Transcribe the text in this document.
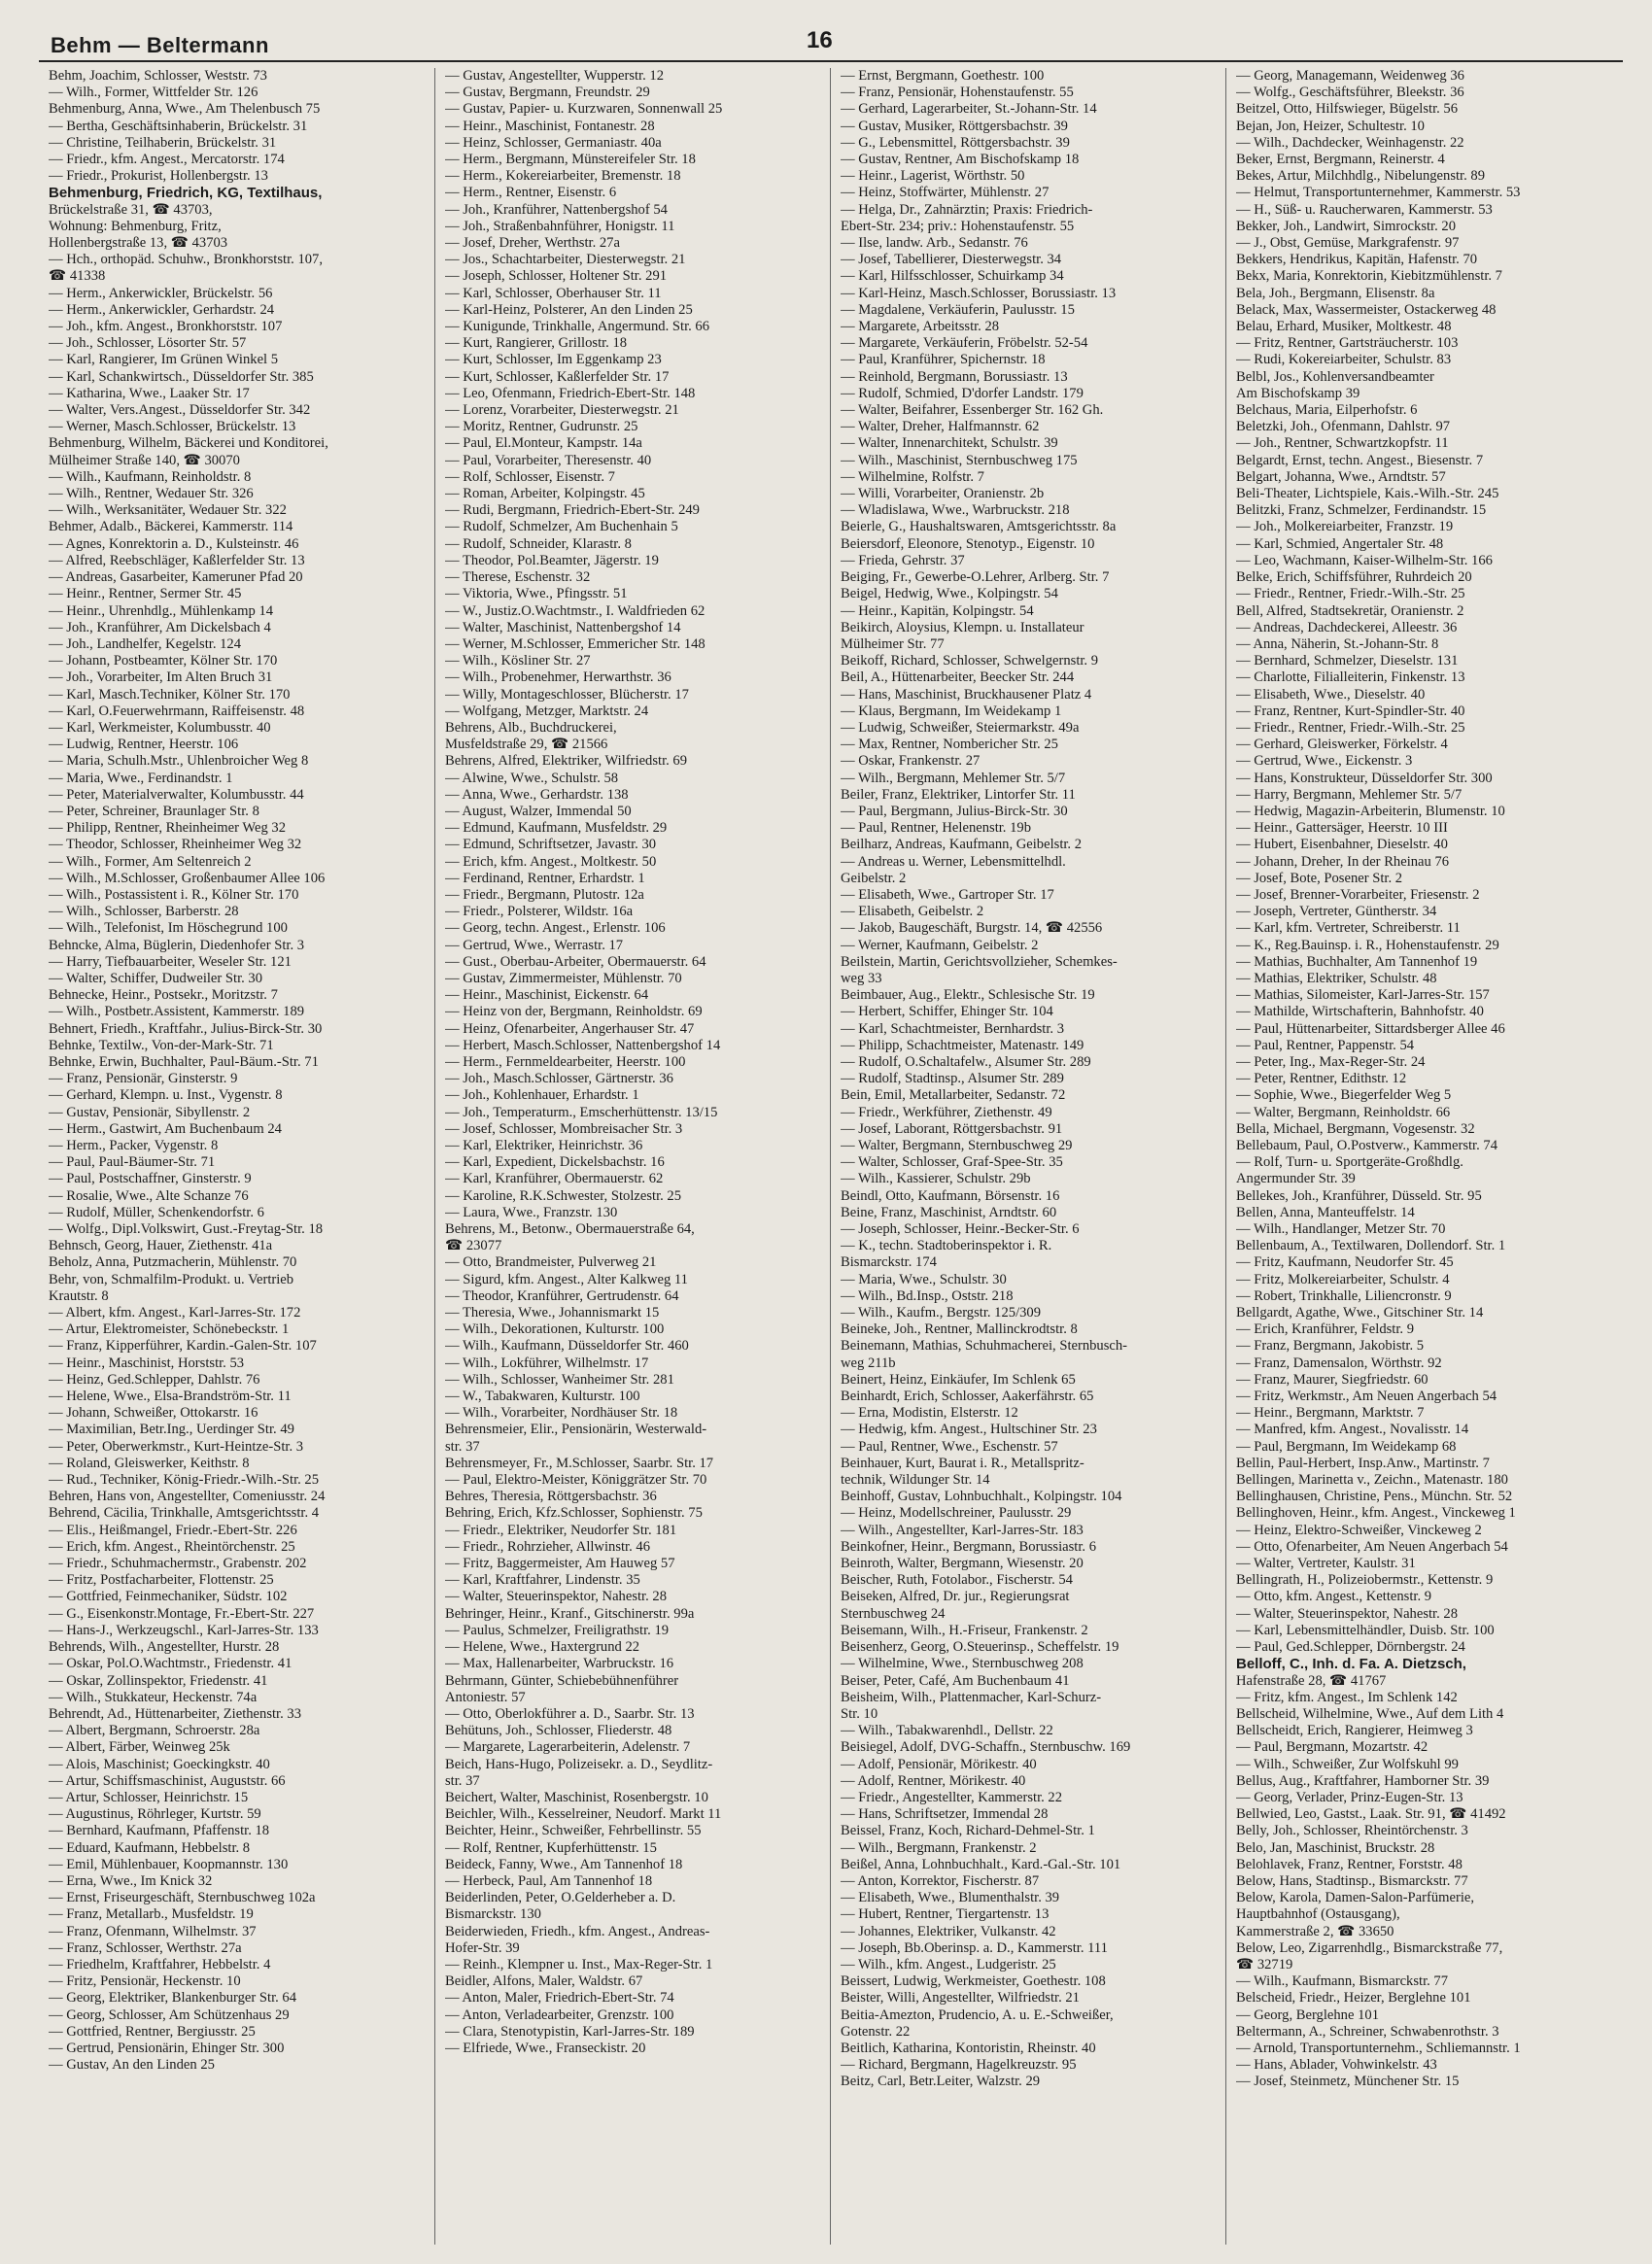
Behm — Beltermann	16
Behm, Joachim, Schlosser, Weststr. 73
— Wilh., Former, Wittfelder Str. 126
Behmenburg, Anna, Wwe., Am Thelenbusch 75
— Bertha, Geschäftsinhaberin, Brückelstr. 31
— Christine, Teilhaberin, Brückelstr. 31
— Friedr., kfm. Angest., Mercatorstr. 174
— Friedr., Prokurist, Hollenbergstr. 13
Behmenburg, Friedrich, KG, Textilhaus,
Brückelstraße 31, ☎ 43703,
Wohnung: Behmenburg, Fritz,
Hollenbergstraße 13, ☎ 43703
— Hch., orthopäd. Schuhw., Bronkhorststr. 107,
☎ 41338
— Herm., Ankerwickler, Brückelstr. 56
— Herm., Ankerwickler, Gerhardstr. 24
— Joh., kfm. Angest., Bronkhorststr. 107
— Joh., Schlosser, Lösorter Str. 57
— Karl, Rangierer, Im Grünen Winkel 5
— Karl, Schankwirtsch., Düsseldorfer Str. 385
— Katharina, Wwe., Laaker Str. 17
— Walter, Vers.Angest., Düsseldorfer Str. 342
— Werner, Masch.Schlosser, Brückelstr. 13
Behmenburg, Wilhelm, Bäckerei und Konditorei,
Mülheimer Straße 140, ☎ 30070
— Wilh., Kaufmann, Reinholdstr. 8
— Wilh., Rentner, Wedauer Str. 326
— Wilh., Werksanitäter, Wedauer Str. 322
Behmer, Adalb., Bäckerei, Kammerstr. 114
— Agnes, Konrektorin a. D., Kulsteinstr. 46
— Alfred, Reebschläger, Kaßlerfelder Str. 13
— Andreas, Gasarbeiter, Kameruner Pfad 20
— Heinr., Rentner, Sermer Str. 45
— Heinr., Uhrenhdlg., Mühlenkamp 14
— Joh., Kranführer, Am Dickelsbach 4
— Joh., Landhelfer, Kegelstr. 124
— Johann, Postbeamter, Kölner Str. 170
— Joh., Vorarbeiter, Im Alten Bruch 31
— Karl, Masch.Techniker, Kölner Str. 170
— Karl, O.Feuerwehrmann, Raiffeisenstr. 48
— Karl, Werkmeister, Kolumbusstr. 40
— Ludwig, Rentner, Heerstr. 106
— Maria, Schulh.Mstr., Uhlenbroicher Weg 8
— Maria, Wwe., Ferdinandstr. 1
— Peter, Materialverwalter, Kolumbusstr. 44
— Peter, Schreiner, Braunlager Str. 8
— Philipp, Rentner, Rheinheimer Weg 32
— Theodor, Schlosser, Rheinheimer Weg 32
— Wilh., Former, Am Seltenreich 2
— Wilh., M.Schlosser, Großenbaumer Allee 106
— Wilh., Postassistent i. R., Kölner Str. 170
— Wilh., Schlosser, Barberstr. 28
— Wilh., Telefonist, Im Höschegrund 100
Behncke, Alma, Büglerin, Diedenhofer Str. 3
— Harry, Tiefbauarbeiter, Weseler Str. 121
— Walter, Schiffer, Dudweiler Str. 30
Behnecke, Heinr., Postsekr., Moritzstr. 7
— Wilh., Postbetr.Assistent, Kammerstr. 189
Behnert, Friedh., Kraftfahr., Julius-Birck-Str. 30
Behnke, Textilw., Von-der-Mark-Str. 71
Behnke, Erwin, Buchhalter, Paul-Bäum.-Str. 71
— Franz, Pensionär, Ginsterstr. 9
— Gerhard, Klempn. u. Inst., Vygenstr. 8
— Gustav, Pensionär, Sibyllenstr. 2
— Herm., Gastwirt, Am Buchenbaum 24
— Herm., Packer, Vygenstr. 8
— Paul, Paul-Bäumer-Str. 71
— Paul, Postschaffner, Ginsterstr. 9
— Rosalie, Wwe., Alte Schanze 76
— Rudolf, Müller, Schenkendorfstr. 6
— Wolfg., Dipl.Volkswirt, Gust.-Freytag-Str. 18
Behnsch, Georg, Hauer, Ziethenstr. 41a
Beholz, Anna, Putzmacherin, Mühlenstr. 70
Behr, von, Schmalfilm-Produkt. u. Vertrieb
Krautstr. 8
— Albert, kfm. Angest., Karl-Jarres-Str. 172
— Artur, Elektromeister, Schönebeckstr. 1
— Franz, Kipperführer, Kardin.-Galen-Str. 107
— Heinr., Maschinist, Horststr. 53
— Heinz, Ged.Schlepper, Dahlstr. 76
— Helene, Wwe., Elsa-Brandström-Str. 11
— Johann, Schweißer, Ottokarstr. 16
— Maximilian, Betr.Ing., Uerdinger Str. 49
— Peter, Oberwerkmstr., Kurt-Heintze-Str. 3
— Roland, Gleiswerker, Keithstr. 8
— Rud., Techniker, König-Friedr.-Wilh.-Str. 25
Behren, Hans von, Angestellter, Comeniusstr. 24
Behrend, Cäcilia, Trinkhalle, Amtsgerichtsstr. 4
— Elis., Heißmangel, Friedr.-Ebert-Str. 226
— Erich, kfm. Angest., Rheintörchenstr. 25
— Friedr., Schuhmachermstr., Grabenstr. 202
— Fritz, Postfacharbeiter, Flottenstr. 25
— Gottfried, Feinmechaniker, Südstr. 102
— G., Eisenkonstr.Montage, Fr.-Ebert-Str. 227
— Hans-J., Werkzeugschl., Karl-Jarres-Str. 133
Behrends, Wilh., Angestellter, Hurstr. 28
— Oskar, Pol.O.Wachtmstr., Friedenstr. 41
— Oskar, Zollinspektor, Friedenstr. 41
— Wilh., Stukkateur, Heckenstr. 74a
Behrendt, Ad., Hüttenarbeiter, Ziethenstr. 33
— Albert, Bergmann, Schroerstr. 28a
— Albert, Färber, Weinweg 25k
— Alois, Maschinist; Goeckingkstr. 40
— Artur, Schiffsmaschinist, Auguststr. 66
— Artur, Schlosser, Heinrichstr. 15
— Augustinus, Röhrleger, Kurtstr. 59
— Bernhard, Kaufmann, Pfaffenstr. 18
— Eduard, Kaufmann, Hebbelstr. 8
— Emil, Mühlenbauer, Koopmannstr. 130
— Erna, Wwe., Im Knick 32
— Ernst, Friseurgeschäft, Sternbuschweg 102a
— Franz, Metallarb., Musfeldstr. 19
— Franz, Ofenmann, Wilhelmstr. 37
— Franz, Schlosser, Werthstr. 27a
— Friedhelm, Kraftfahrer, Hebbelstr. 4
— Fritz, Pensionär, Heckenstr. 10
— Georg, Elektriker, Blankenburger Str. 64
— Georg, Schlosser, Am Schützenhaus 29
— Gottfried, Rentner, Bergiusstr. 25
— Gertrud, Pensionärin, Ehinger Str. 300
— Gustav, An den Linden 25
— Gustav, Angestellter, Wupperstr. 12
— Gustav, Bergmann, Freundstr. 29
— Gustav, Papier- u. Kurzwaren, Sonnenwall 25
— Heinr., Maschinist, Fontanestr. 28
— Heinz, Schlosser, Germaniastr. 40a
— Herm., Bergmann, Münstereifeler Str. 18
— Herm., Kokereiarbeiter, Bremenstr. 18
— Herm., Rentner, Eisenstr. 6
— Joh., Kranführer, Nattenbergshof 54
— Joh., Straßenbahnführer, Honigstr. 11
— Josef, Dreher, Werthstr. 27a
— Jos., Schachtarbeiter, Diesterwegstr. 21
— Joseph, Schlosser, Holtener Str. 291
— Karl, Schlosser, Oberhauser Str. 11
— Karl-Heinz, Polsterer, An den Linden 25
— Kunigunde, Trinkhalle, Angermund. Str. 66
— Kurt, Rangierer, Grillostr. 18
— Kurt, Schlosser, Im Eggenkamp 23
— Kurt, Schlosser, Kaßlerfelder Str. 17
— Leo, Ofenmann, Friedrich-Ebert-Str. 148
— Lorenz, Vorarbeiter, Diesterwegstr. 21
— Moritz, Rentner, Gudrunstr. 25
— Paul, El.Monteur, Kampstr. 14a
— Paul, Vorarbeiter, Theresenstr. 40
— Rolf, Schlosser, Eisenstr. 7
— Roman, Arbeiter, Kolpingstr. 45
— Rudi, Bergmann, Friedrich-Ebert-Str. 249
— Rudolf, Schmelzer, Am Buchenhain 5
— Rudolf, Schneider, Klarastr. 8
— Theodor, Pol.Beamter, Jägerstr. 19
— Therese, Eschenstr. 32
— Viktoria, Wwe., Pfingsstr. 51
— W., Justiz.O.Wachtmstr., I. Waldfrieden 62
— Walter, Maschinist, Nattenbergshof 14
— Werner, M.Schlosser, Emmericher Str. 148
— Wilh., Kösliner Str. 27
— Wilh., Probenehmer, Herwarthstr. 36
— Willy, Montageschlosser, Blücherstr. 17
— Wolfgang, Metzger, Marktstr. 24
Behrens, Alb., Buchdruckerei,
Musfeldstraße 29, ☎ 21566
Behrens, Alfred, Elektriker, Wilfriedstr. 69
— Alwine, Wwe., Schulstr. 58
— Anna, Wwe., Gerhardstr. 138
— August, Walzer, Immendal 50
— Edmund, Kaufmann, Musfeldstr. 29
— Edmund, Schriftsetzer, Javastr. 30
— Erich, kfm. Angest., Moltkestr. 50
— Ferdinand, Rentner, Erhardstr. 1
— Friedr., Bergmann, Plutostr. 12a
— Friedr., Polsterer, Wildstr. 16a
— Georg, techn. Angest., Erlenstr. 106
— Gertrud, Wwe., Werrastr. 17
— Gust., Oberbau-Arbeiter, Obermauerstr. 64
— Gustav, Zimmermeister, Mühlenstr. 70
— Heinr., Maschinist, Eickenstr. 64
— Heinz von der, Bergmann, Reinholdstr. 69
— Heinz, Ofenarbeiter, Angerhauser Str. 47
— Herbert, Masch.Schlosser, Nattenbergshof 14
— Herm., Fernmeldearbeiter, Heerstr. 100
— Joh., Masch.Schlosser, Gärtnerstr. 36
— Joh., Kohlenhauer, Erhardstr. 1
— Joh., Temperaturm., Emscherhüttenstr. 13/15
— Josef, Schlosser, Mombreisacher Str. 3
— Karl, Elektriker, Heinrichstr. 36
— Karl, Expedient, Dickelsbachstr. 16
— Karl, Kranführer, Obermauerstr. 62
— Karoline, R.K.Schwester, Stolzestr. 25
— Laura, Wwe., Franzstr. 130
Behrens, M., Betonw., Obermauerstraße 64,
☎ 23077
— Otto, Brandmeister, Pulverweg 21
— Sigurd, kfm. Angest., Alter Kalkweg 11
— Theodor, Kranführer, Gertrudenstr. 64
— Theresia, Wwe., Johannismarkt 15
— Wilh., Dekorationen, Kulturstr. 100
— Wilh., Kaufmann, Düsseldorfer Str. 460
— Wilh., Lokführer, Wilhelmstr. 17
— Wilh., Schlosser, Wanheimer Str. 281
— W., Tabakwaren, Kulturstr. 100
— Wilh., Vorarbeiter, Nordhäuser Str. 18
Behrensmeier, Elir., Pensionärin, Westerwald-
str. 37
Behrensmeyer, Fr., M.Schlosser, Saarbr. Str. 17
— Paul, Elektro-Meister, Königgrätzer Str. 70
Behres, Theresia, Röttgersbachstr. 36
Behring, Erich, Kfz.Schlosser, Sophienstr. 75
— Friedr., Elektriker, Neudorfer Str. 181
— Friedr., Rohrzieher, Allwinstr. 46
— Fritz, Baggermeister, Am Hauweg 57
— Karl, Kraftfahrer, Lindenstr. 35
— Walter, Steuerinspektor, Nahestr. 28
Behringer, Heinr., Kranf., Gitschinerstr. 99a
— Paulus, Schmelzer, Freiligrathstr. 19
— Helene, Wwe., Haxtergrund 22
— Max, Hallenarbeiter, Warbruckstr. 16
Behrmann, Günter, Schiebebühnenführer
Antoniestr. 57
— Otto, Oberlokführer a. D., Saarbr. Str. 13
Behütuns, Joh., Schlosser, Fliederstr. 48
— Margarete, Lagerarbeiterin, Adelenstr. 7
Beich, Hans-Hugo, Polizeisekr. a. D., Seydlitz-
str. 37
Beichert, Walter, Maschinist, Rosenbergstr. 10
Beichler, Wilh., Kesselreiner, Neudorf. Markt 11
Beichter, Heinr., Schweißer, Fehrbellinstr. 55
— Rolf, Rentner, Kupferhüttenstr. 15
Beideck, Fanny, Wwe., Am Tannenhof 18
— Herbeck, Paul, Am Tannenhof 18
Beiderlinden, Peter, O.Gelderheber a. D.
Bismarckstr. 130
Beiderwieden, Friedh., kfm. Angest., Andreas-
Hofer-Str. 39
— Reinh., Klempner u. Inst., Max-Reger-Str. 1
Beidler, Alfons, Maler, Waldstr. 67
— Anton, Maler, Friedrich-Ebert-Str. 74
— Anton, Verladearbeiter, Grenzstr. 100
— Clara, Stenotypistin, Karl-Jarres-Str. 189
— Elfriede, Wwe., Franseckistr. 20
— Ernst, Bergmann, Goethestr. 100
— Franz, Pensionär, Hohenstaufenstr. 55
— Gerhard, Lagerarbeiter, St.-Johann-Str. 14
— Gustav, Musiker, Röttgersbachstr. 39
— G., Lebensmittel, Röttgersbachstr. 39
— Gustav, Rentner, Am Bischofskamp 18
— Heinr., Lagerist, Wörthstr. 50
— Heinz, Stoffwärter, Mühlenstr. 27
— Helga, Dr., Zahnärztin; Praxis: Friedrich-
Ebert-Str. 234; priv.: Hohenstaufenstr. 55
— Ilse, landw. Arb., Sedanstr. 76
— Josef, Tabellierer, Diesterwegstr. 34
— Karl, Hilfsschlosser, Schuirkamp 34
— Karl-Heinz, Masch.Schlosser, Borussiastr. 13
— Magdalene, Verkäuferin, Paulusstr. 15
— Margarete, Arbeitsstr. 28
— Margarete, Verkäuferin, Fröbelstr. 52-54
— Paul, Kranführer, Spichernstr. 18
— Reinhold, Bergmann, Borussiastr. 13
— Rudolf, Schmied, D'dorfer Landstr. 179
— Walter, Beifahrer, Essenberger Str. 162 Gh.
— Walter, Dreher, Halfmannstr. 62
— Walter, Innenarchitekt, Schulstr. 39
— Wilh., Maschinist, Sternbuschweg 175
— Wilhelmine, Rolfstr. 7
— Willi, Vorarbeiter, Oranienstr. 2b
— Wladislawa, Wwe., Warbruckstr. 218
Beierle, G., Haushaltswaren, Amtsgerichtsstr. 8a
Beiersdorf, Eleonore, Stenotyp., Eigenstr. 10
— Frieda, Gehrstr. 37
Beiging, Fr., Gewerbe-O.Lehrer, Arlberg. Str. 7
Beigel, Hedwig, Wwe., Kolpingstr. 54
— Heinr., Kapitän, Kolpingstr. 54
Beikirch, Aloysius, Klempn. u. Installateur
Mülheimer Str. 77
Beikoff, Richard, Schlosser, Schwelgernstr. 9
Beil, A., Hüttenarbeiter, Beecker Str. 244
— Hans, Maschinist, Bruckhausener Platz 4
— Klaus, Bergmann, Im Weidekamp 1
— Ludwig, Schweißer, Steiermarkstr. 49a
— Max, Rentner, Nombericher Str. 25
— Oskar, Frankenstr. 27
— Wilh., Bergmann, Mehlemer Str. 5/7
Beiler, Franz, Elektriker, Lintorfer Str. 11
— Paul, Bergmann, Julius-Birck-Str. 30
— Paul, Rentner, Helenenstr. 19b
Beilharz, Andreas, Kaufmann, Geibelstr. 2
— Andreas u. Werner, Lebensmittelhdl.
Geibelstr. 2
— Elisabeth, Wwe., Gartroper Str. 17
— Elisabeth, Geibelstr. 2
— Jakob, Baugeschäft, Burgstr. 14, ☎ 42556
— Werner, Kaufmann, Geibelstr. 2
Beilstein, Martin, Gerichtsvollzieher, Schemkes-
weg 33
Beimbauer, Aug., Elektr., Schlesische Str. 19
— Herbert, Schiffer, Ehinger Str. 104
— Karl, Schachtmeister, Bernhardstr. 3
— Philipp, Schachtmeister, Matenastr. 149
— Rudolf, O.Schaltafelw., Alsumer Str. 289
— Rudolf, Stadtinsp., Alsumer Str. 289
Bein, Emil, Metallarbeiter, Sedanstr. 72
— Friedr., Werkführer, Ziethenstr. 49
— Josef, Laborant, Röttgersbachstr. 91
— Walter, Bergmann, Sternbuschweg 29
— Walter, Schlosser, Graf-Spee-Str. 35
— Wilh., Kassierer, Schulstr. 29b
Beindl, Otto, Kaufmann, Börsenstr. 16
Beine, Franz, Maschinist, Arndtstr. 60
— Joseph, Schlosser, Heinr.-Becker-Str. 6
— K., techn. Stadtoberinspektor i. R.
Bismarckstr. 174
— Maria, Wwe., Schulstr. 30
— Wilh., Bd.Insp., Oststr. 218
— Wilh., Kaufm., Bergstr. 125/309
Beineke, Joh., Rentner, Mallinckrodtstr. 8
Beinemann, Mathias, Schuhmacherei, Sternbusch-
weg 211b
Beinert, Heinz, Einkäufer, Im Schlenk 65
Beinhardt, Erich, Schlosser, Aakerfährstr. 65
— Erna, Modistin, Elsterstr. 12
— Hedwig, kfm. Angest., Hultschiner Str. 23
— Paul, Rentner, Wwe., Eschenstr. 57
Beinhauer, Kurt, Baurat i. R., Metallspritz-
technik, Wildunger Str. 14
Beinhoff, Gustav, Lohnbuchhalt., Kolpingstr. 104
— Heinz, Modellschreiner, Paulusstr. 29
— Wilh., Angestellter, Karl-Jarres-Str. 183
Beinkofner, Heinr., Bergmann, Borussiastr. 6
Beinroth, Walter, Bergmann, Wiesenstr. 20
Beischer, Ruth, Fotolabor., Fischerstr. 54
Beiseken, Alfred, Dr. jur., Regierungsrat
Sternbuschweg 24
Beisemann, Wilh., H.-Friseur, Frankenstr. 2
Beisenherz, Georg, O.Steuerinsp., Scheffelstr. 19
— Wilhelmine, Wwe., Sternbuschweg 208
Beiser, Peter, Café, Am Buchenbaum 41
Beisheim, Wilh., Plattenmacher, Karl-Schurz-
Str. 10
— Wilh., Tabakwarenhdl., Dellstr. 22
Beisiegel, Adolf, DVG-Schaffn., Sternbuschw. 169
— Adolf, Pensionär, Mörikestr. 40
— Adolf, Rentner, Mörikestr. 40
— Friedr., Angestellter, Kammerstr. 22
— Hans, Schriftsetzer, Immendal 28
Beissel, Franz, Koch, Richard-Dehmel-Str. 1
— Wilh., Bergmann, Frankenstr. 2
Beißel, Anna, Lohnbuchhalt., Kard.-Gal.-Str. 101
— Anton, Korrektor, Fischerstr. 87
— Elisabeth, Wwe., Blumenthalstr. 39
— Hubert, Rentner, Tiergartenstr. 13
— Johannes, Elektriker, Vulkanstr. 42
— Joseph, Bb.Oberinsp. a. D., Kammerstr. 111
— Wilh., kfm. Angest., Ludgeristr. 25
Beissert, Ludwig, Werkmeister, Goethestr. 108
Beister, Willi, Angestellter, Wilfriedstr. 21
Beitia-Amezton, Prudencio, A. u. E.-Schweißer,
Gotenstr. 22
Beitlich, Katharina, Kontoristin, Rheinstr. 40
— Richard, Bergmann, Hagelkreuzstr. 95
Beitz, Carl, Betr.Leiter, Walzstr. 29
— Georg, Managemann, Weidenweg 36
— Wolfg., Geschäftsführer, Bleekstr. 36
Beitzel, Otto, Hilfswieger, Bügelstr. 56
Bejan, Jon, Heizer, Schultestr. 10
— Wilh., Dachdecker, Weinhagenstr. 22
Beker, Ernst, Bergmann, Reinerstr. 4
Bekes, Artur, Milchhdlg., Nibelungenstr. 89
— Helmut, Transportunternehmer, Kammerstr. 53
— H., Süß- u. Raucherwaren, Kammerstr. 53
Bekker, Joh., Landwirt, Simrockstr. 20
— J., Obst, Gemüse, Markgrafenstr. 97
Bekkers, Hendrikus, Kapitän, Hafenstr. 70
Bekx, Maria, Konrektorin, Kiebitzmühlenstr. 7
Bela, Joh., Bergmann, Elisenstr. 8a
Belack, Max, Wassermeister, Ostackerweg 48
Belau, Erhard, Musiker, Moltkestr. 48
— Fritz, Rentner, Gartsträucherstr. 103
— Rudi, Kokereiarbeiter, Schulstr. 83
Belbl, Jos., Kohlenversandbeamter
Am Bischofskamp 39
Belchaus, Maria, Eilperhofstr. 6
Beletzki, Joh., Ofenmann, Dahlstr. 97
— Joh., Rentner, Schwartzkopfstr. 11
Belgardt, Ernst, techn. Angest., Biesenstr. 7
Belgart, Johanna, Wwe., Arndtstr. 57
Beli-Theater, Lichtspiele, Kais.-Wilh.-Str. 245
Belitzki, Franz, Schmelzer, Ferdinandstr. 15
— Joh., Molkereiarbeiter, Franzstr. 19
— Karl, Schmied, Angertaler Str. 48
— Leo, Wachmann, Kaiser-Wilhelm-Str. 166
Belke, Erich, Schiffsführer, Ruhrdeich 20
— Friedr., Rentner, Friedr.-Wilh.-Str. 25
Bell, Alfred, Stadtsekretär, Oranienstr. 2
— Andreas, Dachdeckerei, Alleestr. 36
— Anna, Näherin, St.-Johann-Str. 8
— Bernhard, Schmelzer, Dieselstr. 131
— Charlotte, Filialleiterin, Finkenstr. 13
— Elisabeth, Wwe., Dieselstr. 40
— Franz, Rentner, Kurt-Spindler-Str. 40
— Friedr., Rentner, Friedr.-Wilh.-Str. 25
— Gerhard, Gleiswerker, Förkelstr. 4
— Gertrud, Wwe., Eickenstr. 3
— Hans, Konstrukteur, Düsseldorfer Str. 300
— Harry, Bergmann, Mehlemer Str. 5/7
— Hedwig, Magazin-Arbeiterin, Blumenstr. 10
— Heinr., Gattersäger, Heerstr. 10 III
— Hubert, Eisenbahner, Dieselstr. 40
— Johann, Dreher, In der Rheinau 76
— Josef, Bote, Posener Str. 2
— Josef, Brenner-Vorarbeiter, Friesenstr. 2
— Joseph, Vertreter, Güntherstr. 34
— Karl, kfm. Vertreter, Schreiberstr. 11
— K., Reg.Bauinsp. i. R., Hohenstaufenstr. 29
— Mathias, Buchhalter, Am Tannenhof 19
— Mathias, Elektriker, Schulstr. 48
— Mathias, Silomeister, Karl-Jarres-Str. 157
— Mathilde, Wirtschafterin, Bahnhofstr. 40
— Paul, Hüttenarbeiter, Sittardsberger Allee 46
— Paul, Rentner, Pappenstr. 54
— Peter, Ing., Max-Reger-Str. 24
— Peter, Rentner, Edithstr. 12
— Sophie, Wwe., Biegerfelder Weg 5
— Walter, Bergmann, Reinholdstr. 66
Bella, Michael, Bergmann, Vogesenstr. 32
Bellebaum, Paul, O.Postverw., Kammerstr. 74
— Rolf, Turn- u. Sportgeräte-Großhdlg.
Angermunder Str. 39
Bellekes, Joh., Kranführer, Düsseld. Str. 95
Bellen, Anna, Manteuffelstr. 14
— Wilh., Handlanger, Metzer Str. 70
Bellenbaum, A., Textilwaren, Dollendorf. Str. 1
— Fritz, Kaufmann, Neudorfer Str. 45
— Fritz, Molkereiarbeiter, Schulstr. 4
— Robert, Trinkhalle, Liliencronstr. 9
Bellgardt, Agathe, Wwe., Gitschiner Str. 14
— Erich, Kranführer, Feldstr. 9
— Franz, Bergmann, Jakobistr. 5
— Franz, Damensalon, Wörthstr. 92
— Franz, Maurer, Siegfriedstr. 60
— Fritz, Werkmstr., Am Neuen Angerbach 54
— Heinr., Bergmann, Marktstr. 7
— Manfred, kfm. Angest., Novalisstr. 14
— Paul, Bergmann, Im Weidekamp 68
Bellin, Paul-Herbert, Insp.Anw., Martinstr. 7
Bellingen, Marinetta v., Zeichn., Matenastr. 180
Bellinghausen, Christine, Pens., Münchn. Str. 52
Bellinghoven, Heinr., kfm. Angest., Vinckeweg 1
— Heinz, Elektro-Schweißer, Vinckeweg 2
— Otto, Ofenarbeiter, Am Neuen Angerbach 54
— Walter, Vertreter, Kaulstr. 31
Bellingrath, H., Polizeiobermstr., Kettenstr. 9
— Otto, kfm. Angest., Kettenstr. 9
— Walter, Steuerinspektor, Nahestr. 28
— Karl, Lebensmittelhändler, Duisb. Str. 100
— Paul, Ged.Schlepper, Dörnbergstr. 24
Belloff, C., Inh. d. Fa. A. Dietzsch,
Hafenstraße 28, ☎ 41767
— Fritz, kfm. Angest., Im Schlenk 142
Bellscheid, Wilhelmine, Wwe., Auf dem Lith 4
Bellscheidt, Erich, Rangierer, Heimweg 3
— Paul, Bergmann, Mozartstr. 42
— Wilh., Schweißer, Zur Wolfskuhl 99
Bellus, Aug., Kraftfahrer, Hamborner Str. 39
— Georg, Verlader, Prinz-Eugen-Str. 13
Bellwied, Leo, Gastst., Laak. Str. 91, ☎ 41492
Belly, Joh., Schlosser, Rheintörchenstr. 3
Belo, Jan, Maschinist, Bruckstr. 28
Belohlavek, Franz, Rentner, Forststr. 48
Below, Hans, Stadtinsp., Bismarckstr. 77
Below, Karola, Damen-Salon-Parfümerie,
Hauptbahnhof (Ostausgang),
Kammerstraße 2, ☎ 33650
Below, Leo, Zigarrenhdlg., Bismarckstraße 77,
☎ 32719
— Wilh., Kaufmann, Bismarckstr. 77
Belscheid, Friedr., Heizer, Berglehne 101
— Georg, Berglehne 101
Beltermann, A., Schreiner, Schwabenrothstr. 3
— Arnold, Transportunternehm., Schliemannstr. 1
— Hans, Ablader, Vohwinkelstr. 43
— Josef, Steinmetz, Münchener Str. 15
